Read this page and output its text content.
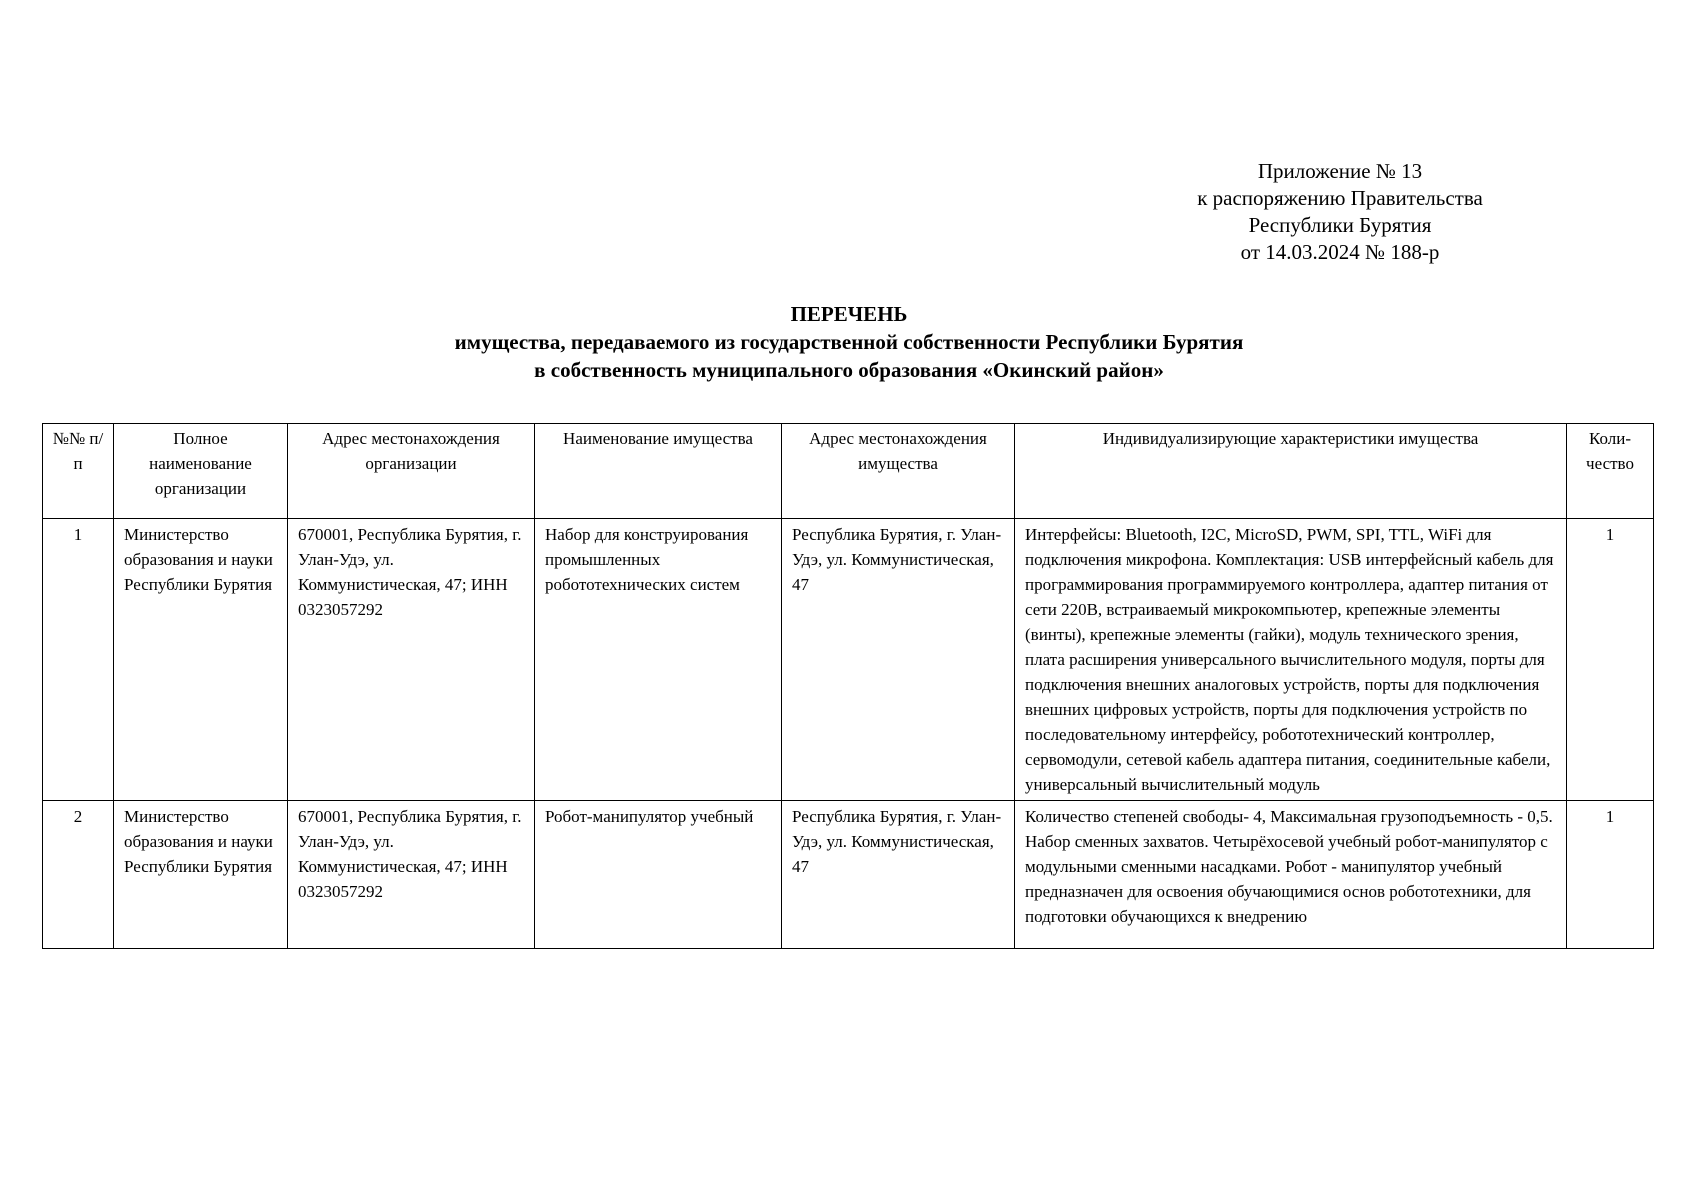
Приложение № 13
к распоряжению Правительства
Республики Бурятия
от 14.03.2024 № 188-р
ПЕРЕЧЕНЬ
имущества, передаваемого из государственной собственности Республики Бурятия
в собственность муниципального образования «Окинский район»
№№ п/п	Полное наименование организации	Адрес местонахождения организации	Наименование имущества	Адрес местонахождения имущества	Индивидуализирующие характеристики имущества	Коли-чество
1	Министерство образования и науки Республики Бурятия	670001, Республика Бурятия, г. Улан-Удэ, ул. Коммунистическая, 47; ИНН 0323057292	Набор для конструирования промышленных робототехнических систем	Республика Бурятия, г. Улан-Удэ, ул. Коммунистическая, 47	Интерфейсы: Bluetooth, I2C, MicroSD, PWM, SPI, TTL, WiFi для подключения микрофона. Комплектация: USB интерфейсный кабель для программирования программируемого контроллера, адаптер питания от сети 220В, встраиваемый микрокомпьютер, крепежные элементы (винты), крепежные элементы (гайки), модуль технического зрения, плата расширения универсального вычислительного модуля, порты для подключения внешних аналоговых устройств, порты для подключения внешних цифровых устройств, порты для подключения устройств по последовательному интерфейсу, робототехнический контроллер, сервомодули, сетевой кабель адаптера питания, соединительные кабели, универсальный вычислительный модуль	1
2	Министерство образования и науки Республики Бурятия	670001, Республика Бурятия, г. Улан-Удэ, ул. Коммунистическая, 47; ИНН 0323057292	Робот-манипулятор учебный	Республика Бурятия, г. Улан-Удэ, ул. Коммунистическая, 47	Количество степеней свободы- 4, Максимальная грузоподъемность - 0,5. Набор сменных захватов. Четырёхосевой учебный робот-манипулятор с модульными сменными насадками. Робот - манипулятор учебный предназначен для освоения обучающимися основ робототехники, для подготовки обучающихся к внедрению	1
